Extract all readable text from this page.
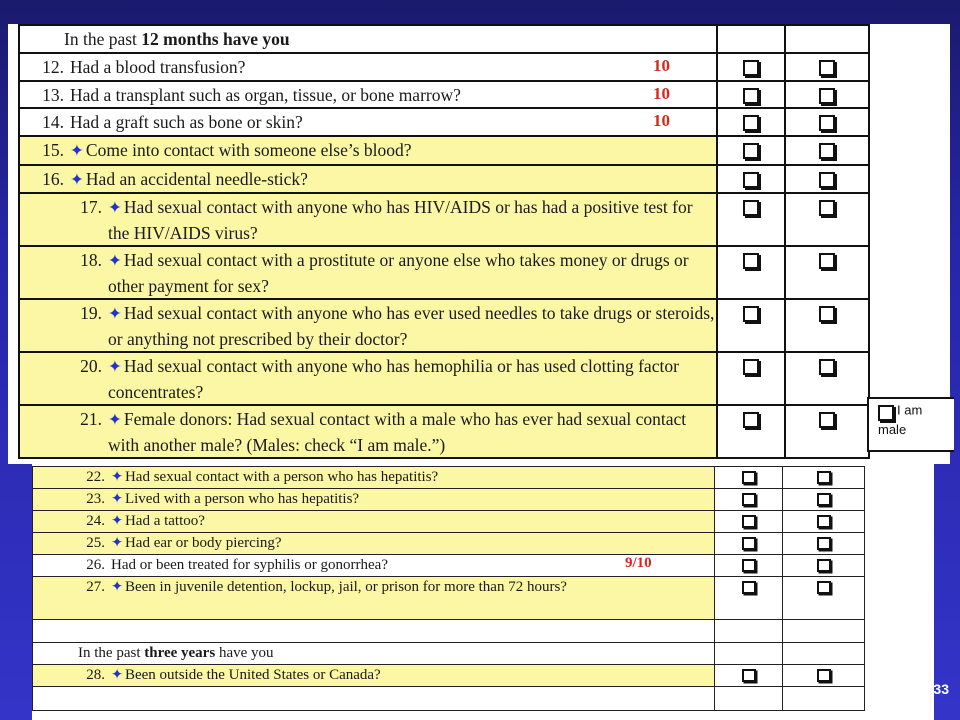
In the past 12 months have you		

12. Had a blood transfusion? 10		

13. Had a transplant such as organ, tissue, or bone marrow? 10		

14. Had a graft such as bone or skin? 10		

15. ✦ Come into contact with someone else’s blood?		

16. ✦ Had an accidental needle-stick?		

17. ✦ Had sexual contact with anyone who has HIV/AIDS or has had a positive test for the HIV/AIDS virus?		

18. ✦ Had sexual contact with a prostitute or anyone else who takes money or drugs or other payment for sex?		

19. ✦ Had sexual contact with anyone who has ever used needles to take drugs or steroids, or anything not prescribed by their doctor?		

20. ✦ Had sexual contact with anyone who has hemophilia or has used clotting factor concentrates?		

21. ✦ Female donors: Had sexual contact with a male who has ever had sexual contact with another male? (Males: check “I am male.”)		

I am
male
22. ✦ Had sexual contact with a person who has hepatitis?		

23. ✦ Lived with a person who has hepatitis?		

24. ✦ Had a tattoo?		

25. ✦ Had ear or body piercing?		

26. Had or been treated for syphilis or gonorrhea? 9/10		

27. ✦ Been in juvenile detention, lockup, jail, or prison for more than 72 hours?		

In the past three years have you		

28. ✦ Been outside the United States or Canada?		

33
